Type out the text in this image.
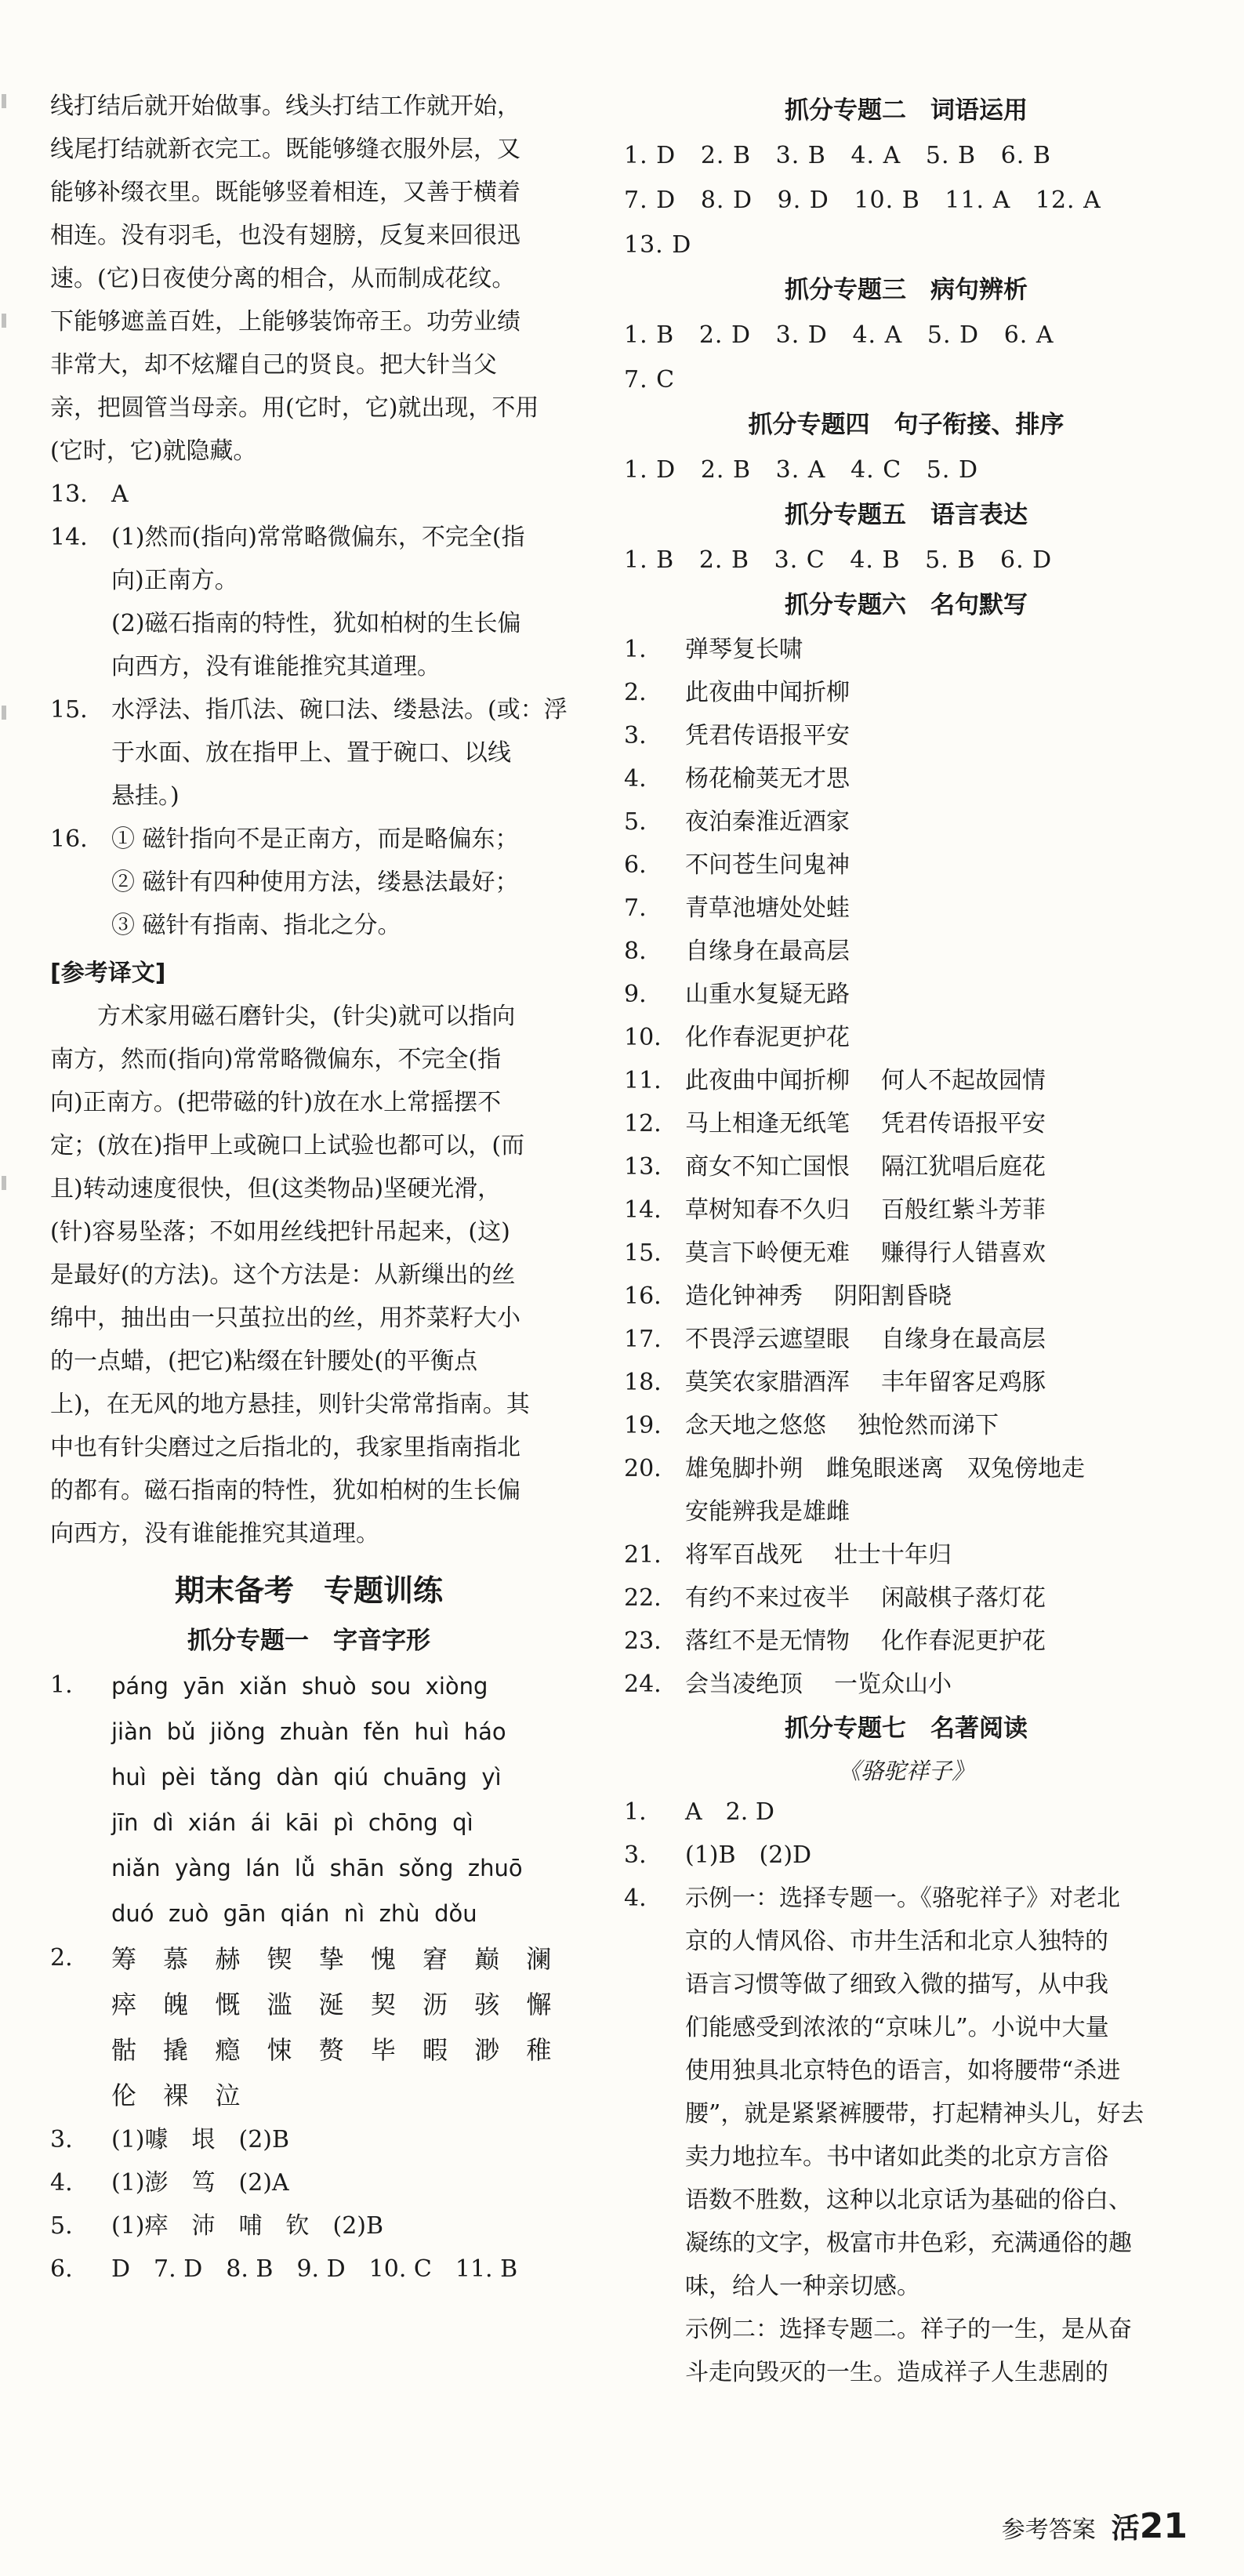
线打结后就开始做事。线头打结工作就开始，
线尾打结就新衣完工。既能够缝衣服外层，又
能够补缀衣里。既能够竖着相连，又善于横着
相连。没有羽毛，也没有翅膀，反复来回很迅
速。(它)日夜使分离的相合，从而制成花纹。
下能够遮盖百姓，上能够装饰帝王。功劳业绩
非常大，却不炫耀自己的贤良。把大针当父
亲，把圆管当母亲。用(它时，它)就出现，不用
(它时，它)就隐藏。
13. A
14. (1)然而(指向)常常略微偏东，不完全(指
向)正南方。
(2)磁石指南的特性，犹如柏树的生长偏
向西方，没有谁能推究其道理。
15. 水浮法、指爪法、碗口法、缕悬法。(或：浮
于水面、放在指甲上、置于碗口、以线
悬挂。)
16. ① 磁针指向不是正南方，而是略偏东；
② 磁针有四种使用方法，缕悬法最好；
③ 磁针有指南、指北之分。
[参考译文]
方术家用磁石磨针尖，(针尖)就可以指向
南方，然而(指向)常常略微偏东，不完全(指
向)正南方。(把带磁的针)放在水上常摇摆不
定；(放在)指甲上或碗口上试验也都可以，(而
且)转动速度很快，但(这类物品)坚硬光滑，
(针)容易坠落；不如用丝线把针吊起来，(这)
是最好(的方法)。这个方法是：从新缫出的丝
绵中，抽出由一只茧拉出的丝，用芥菜籽大小
的一点蜡，(把它)粘缀在针腰处(的平衡点
上)，在无风的地方悬挂，则针尖常常指南。其
中也有针尖磨过之后指北的，我家里指南指北
的都有。磁石指南的特性，犹如柏树的生长偏
向西方，没有谁能推究其道理。
期末备考　专题训练
抓分专题一　字音字形
1. páng  yān  xiǎn  shuò  sou  xiòng
jiàn  bǔ  jiǒng  zhuàn  fěn  huì  háo
huì  pèi  tǎng  dàn  qiú  chuāng  yì
jīn  dì  xián  ái  kāi  pì  chōng  qì
niǎn  yàng  lán  lǚ  shān  sǒng  zhuō
duó  zuò  gān  qián  nì  zhù  dǒu
2. 筹 慕 赫 锲 挚 愧 窘 巅 澜
瘁 魄 慨 滥 涎 契 沥 骇 懈
骷 撬 瘾 悚 赘 毕 暇 渺 稚
伦 裸 泣
3. (1)噱　垠　(2)B
4. (1)澎　笃　(2)A
5. (1)瘁　沛　哺　钦　(2)B
6. D　7. D　8. B　9. D　10. C　11. B
抓分专题二　词语运用
1. D   2. B   3. B   4. A   5. B   6. B
7. D   8. D   9. D   10. B   11. A   12. A
13. D
抓分专题三　病句辨析
1. B   2. D   3. D   4. A   5. D   6. A
7. C
抓分专题四　句子衔接、排序
1. D   2. B   3. A   4. C   5. D
抓分专题五　语言表达
1. B   2. B   3. C   4. B   5. B   6. D
抓分专题六　名句默写
1. 弹琴复长啸
2. 此夜曲中闻折柳
3. 凭君传语报平安
4. 杨花榆荚无才思
5. 夜泊秦淮近酒家
6. 不问苍生问鬼神
7. 青草池塘处处蛙
8. 自缘身在最高层
9. 山重水复疑无路
10. 化作春泥更护花
11. 此夜曲中闻折柳 何人不起故园情
12. 马上相逢无纸笔 凭君传语报平安
13. 商女不知亡国恨 隔江犹唱后庭花
14. 草树知春不久归 百般红紫斗芳菲
15. 莫言下岭便无难 赚得行人错喜欢
16. 造化钟神秀 阴阳割昏晓
17. 不畏浮云遮望眼 自缘身在最高层
18. 莫笑农家腊酒浑 丰年留客足鸡豚
19. 念天地之悠悠 独怆然而涕下
20. 雄兔脚扑朔　雌兔眼迷离　双兔傍地走
安能辨我是雄雌
21. 将军百战死 壮士十年归
22. 有约不来过夜半 闲敲棋子落灯花
23. 落红不是无情物 化作春泥更护花
24. 会当凌绝顶 一览众山小
抓分专题七　名著阅读
《骆驼祥子》
1. A　2. D
3. (1)B　(2)D
4. 示例一：选择专题一。《骆驼祥子》对老北
京的人情风俗、市井生活和北京人独特的
语言习惯等做了细致入微的描写，从中我
们能感受到浓浓的“京味儿”。小说中大量
使用独具北京特色的语言，如将腰带“杀进
腰”，就是紧紧裤腰带，打起精神头儿，好去
卖力地拉车。书中诸如此类的北京方言俗
语数不胜数，这种以北京话为基础的俗白、
凝练的文字，极富市井色彩，充满通俗的趣
味，给人一种亲切感。
示例二：选择专题二。祥子的一生，是从奋
斗走向毁灭的一生。造成祥子人生悲剧的
参考答案 活21
